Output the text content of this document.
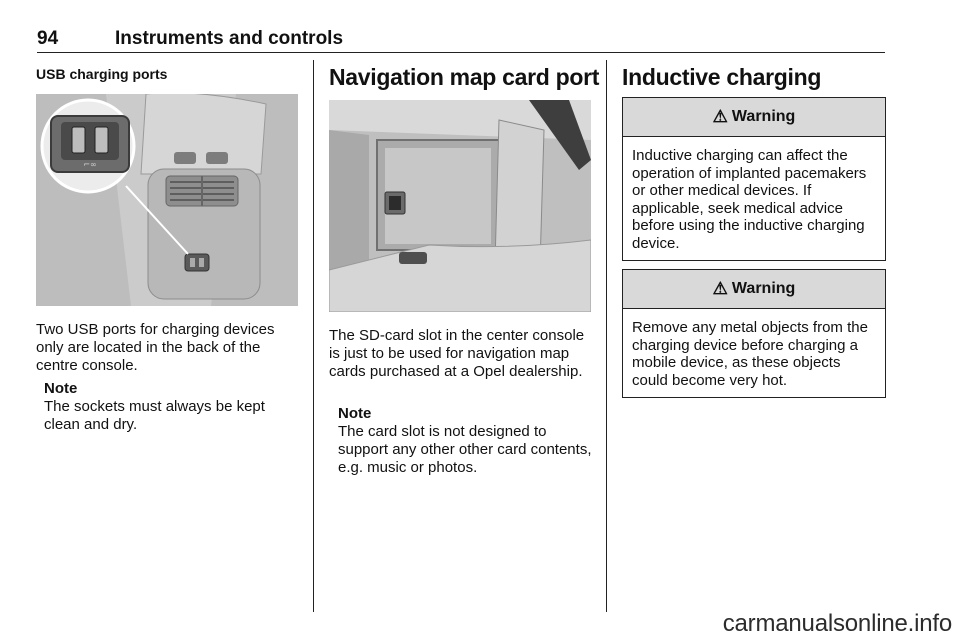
94	Instruments and controls
USB charging ports
⌐∞
Two USB ports for charging devices only are located in the back of the centre console.
Note
The sockets must always be kept clean and dry.
Navigation map card port
The SD-card slot in the center console is just to be used for navigation map cards purchased at a Opel dealership.
Note
The card slot is not designed to support any other other card contents, e.g. music or photos.
Inductive charging
⚠ Warning
Inductive charging can affect the operation of implanted pacemakers or other medical devices. If applicable, seek medical advice before using the inductive charging device.
⚠ Warning
Remove any metal objects from the charging device before charging a mobile device, as these objects could become very hot.
carmanualsonline.info
